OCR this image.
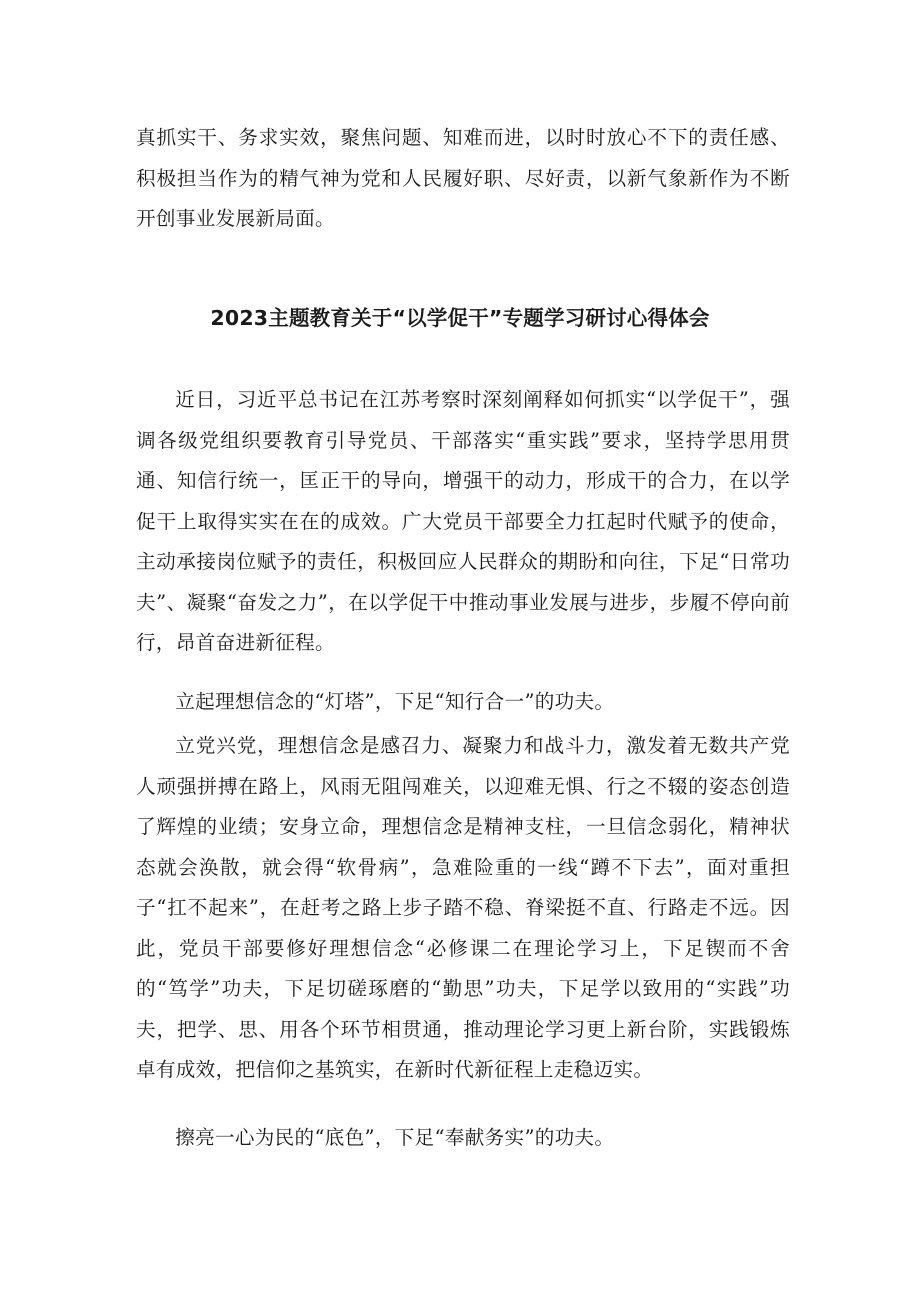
真抓实干、务求实效，聚焦问题、知难而进，以时时放心不下的责任感、积极担当作为的精气神为党和人民履好职、尽好责，以新气象新作为不断开创事业发展新局面。

2023主题教育关于“以学促干”专题学习研讨心得体会

近日，习近平总书记在江苏考察时深刻阐释如何抓实“以学促干”，强调各级党组织要教育引导党员、干部落实“重实践”要求，坚持学思用贯通、知信行统一，匡正干的导向，增强干的动力，形成干的合力，在以学促干上取得实实在在的成效。广大党员干部要全力扛起时代赋予的使命，主动承接岗位赋予的责任，积极回应人民群众的期盼和向往，下足“日常功夫”、凝聚“奋发之力”，在以学促干中推动事业发展与进步，步履不停向前行，昂首奋进新征程。

立起理想信念的“灯塔”，下足“知行合一”的功夫。

立党兴党，理想信念是感召力、凝聚力和战斗力，激发着无数共产党人顽强拼搏在路上，风雨无阻闯难关，以迎难无惧、行之不辍的姿态创造了辉煌的业绩；安身立命，理想信念是精神支柱，一旦信念弱化，精神状态就会涣散，就会得“软骨病”，急难险重的一线“蹲不下去”，面对重担子“扛不起来”，在赶考之路上步子踏不稳、脊梁挺不直、行路走不远。因此，党员干部要修好理想信念“必修课二在理论学习上，下足锲而不舍的“笃学”功夫，下足切磋琢磨的“勤思”功夫，下足学以致用的“实践”功夫，把学、思、用各个环节相贯通，推动理论学习更上新台阶，实践锻炼卓有成效，把信仰之基筑实，在新时代新征程上走稳迈实。

擦亮一心为民的“底色”，下足“奉献务实”的功夫。
